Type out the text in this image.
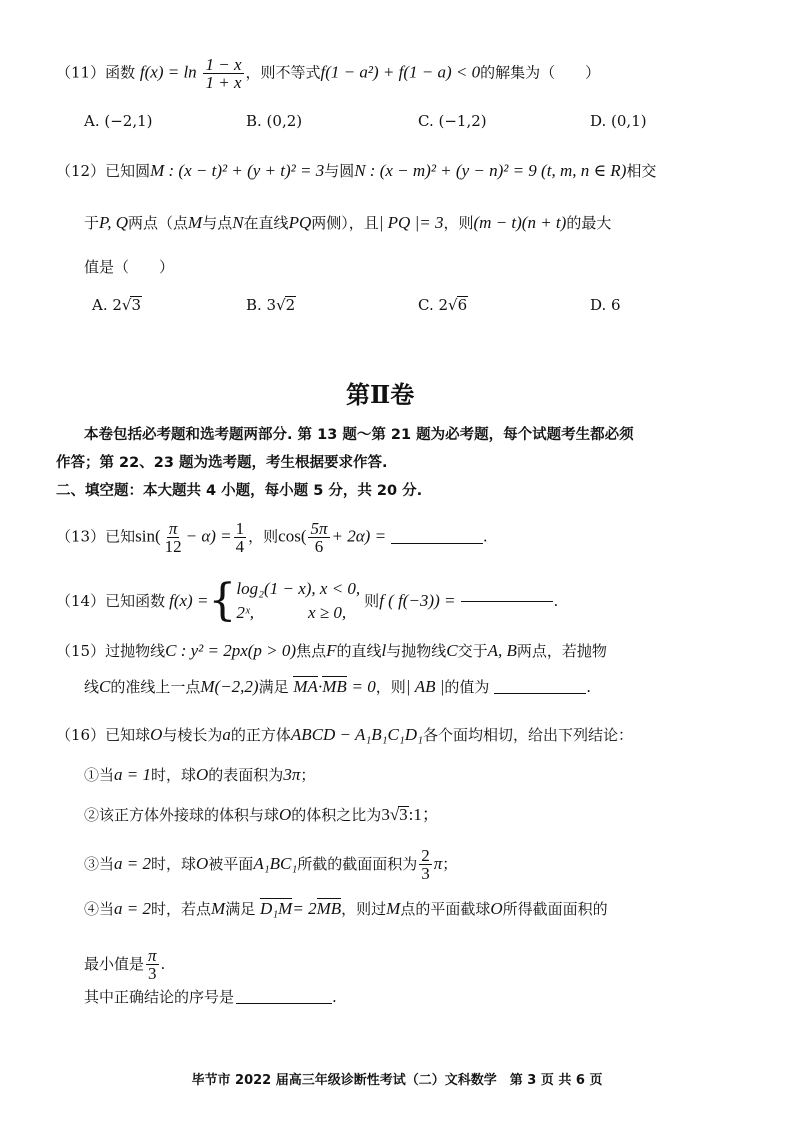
（11）函数 $f(x) = \ln \frac{1 - x}{1 + x}$ ，则不等式f(1 − a²) + f(1 − a) < 0的解集为（　　）
A. (−2,1)	B. (0,2)	C. (−1,2)	D. (0,1)
（12）已知圆M : (x − t)² + (y + t)² = 3与圆N : (x − m)² + (y − n)² = 9 (t, m, n ∈ R)相交
于P, Q两点（点M与点N在直线PQ两侧），且| PQ |= 3，则(m − t)(n + t)的最大
值是（　　）
A. 2√3	B. 3√2	C. 2√6	D. 6
第Ⅱ卷
本卷包括必考题和选考题两部分. 第 13 题～第 21 题为必考题，每个试题考生都必须
作答；第 22、23 题为选考题，考生根据要求作答.
二、填空题：本大题共 4 小题，每小题 5 分，共 20 分.
（13）已知$\sin( \frac{\pi}{12} - \alpha) = \frac{1}{4}$ ，则$\cos( \frac{5\pi}{6} + 2\alpha)$ =	.
（14） 已知函数 f(x) = { log₂(1 − x), x < 0,
2ˣ,	x ≥ 0,
则 f ( f(−3)) =	.
（15）过抛物线C : y² = 2px(p > 0)焦点F的直线l与抛物线C交于A, B两点，若抛物
线C的准线上一点M(−2,2)满足 MA·MB = 0，则| AB |的值为	.
（16）已知球O与棱长为a的正方体ABCD − A₁B₁C₁D₁各个面均相切，给出下列结论：
①当a = 1时，球O的表面积为3π；
②该正方体外接球的体积与球O的体积之比为3√3:1；
③当 a = 2 时，球 O 被平面 A₁BC₁ 所截的截面面积为 $\frac{2}{3}$ π ；
④当a = 2时，若点M满足 D₁M= 2MB，则过M点的平面截球O所得截面面积的
最小值是 $\frac{\pi}{3}$ .
其中正确结论的序号是	.
毕节市 2022 届高三年级诊断性考试（二）文科数学　第 3 页 共 6 页
